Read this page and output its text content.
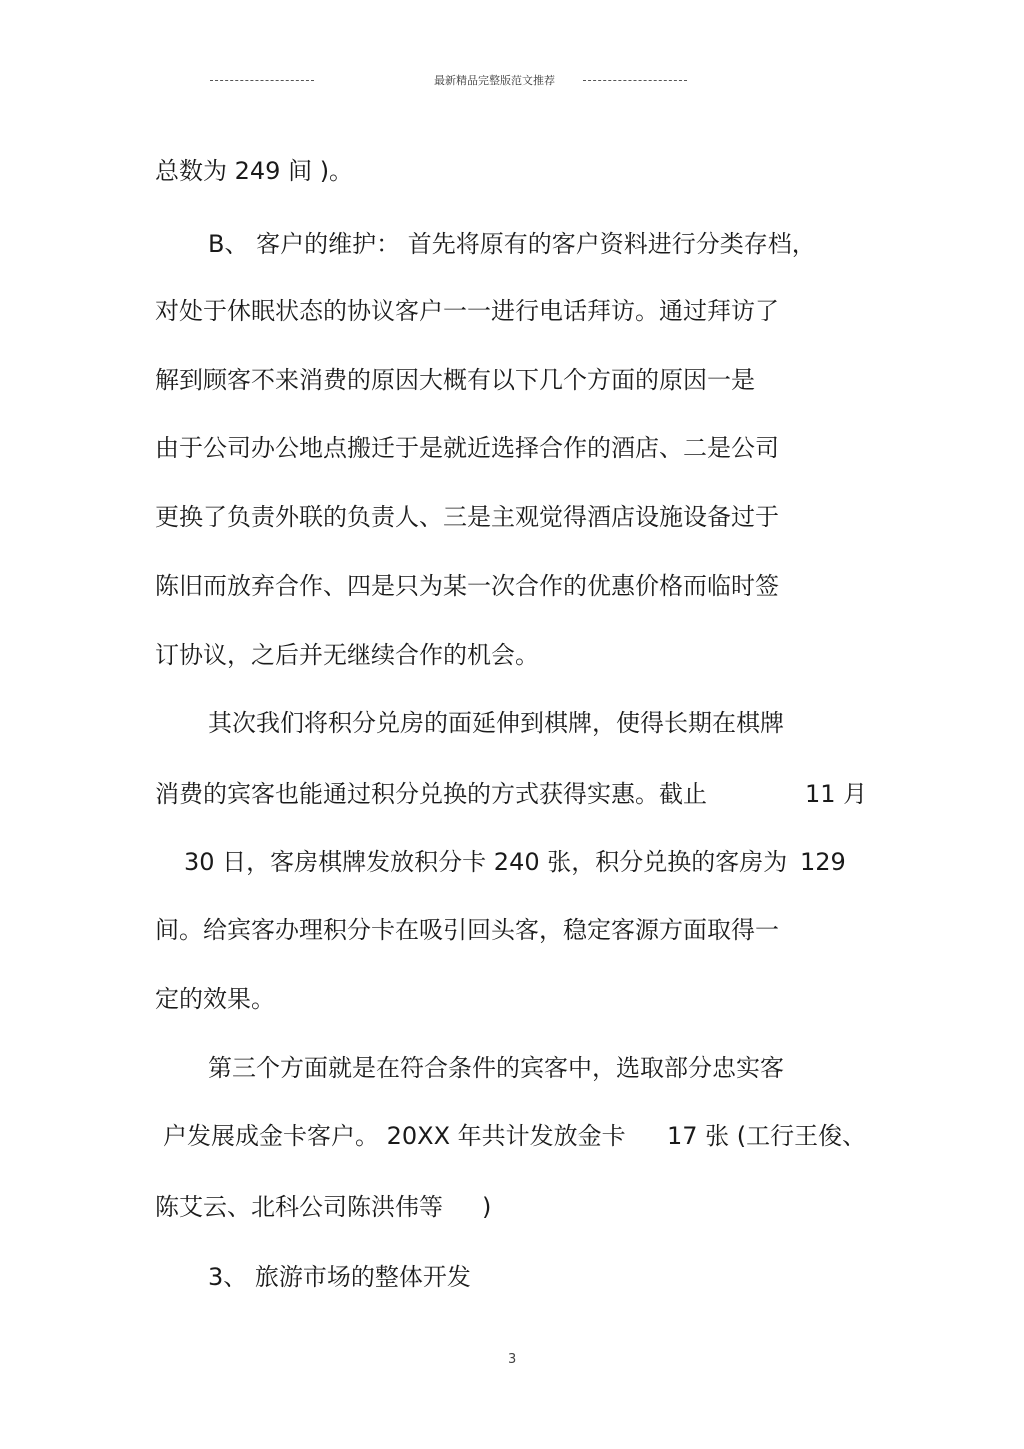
最新精品完整版范文推荐
总数为 249 间 )。
B、 客户的维护： 首先将原有的客户资料进行分类存档，
对处于休眠状态的协议客户一一进行电话拜访。通过拜访了
解到顾客不来消费的原因大概有以下几个方面的原因一是
由于公司办公地点搬迁于是就近选择合作的酒店、二是公司
更换了负责外联的负责人、三是主观觉得酒店设施设备过于
陈旧而放弃合作、四是只为某一次合作的优惠价格而临时签
订协议，之后并无继续合作的机会。
其次我们将积分兑房的面延伸到棋牌，使得长期在棋牌
消费的宾客也能通过积分兑换的方式获得实惠。截止	11 月
30 日，客房棋牌发放积分卡 240 张，积分兑换的客房为 129
间。给宾客办理积分卡在吸引回头客，稳定客源方面取得一
定的效果。
第三个方面就是在符合条件的宾客中，选取部分忠实客
户发展成金卡客户。 20XX 年共计发放金卡 17 张 (工行王俊、
陈艾云、北科公司陈洪伟等 )
3、 旅游市场的整体开发
3
